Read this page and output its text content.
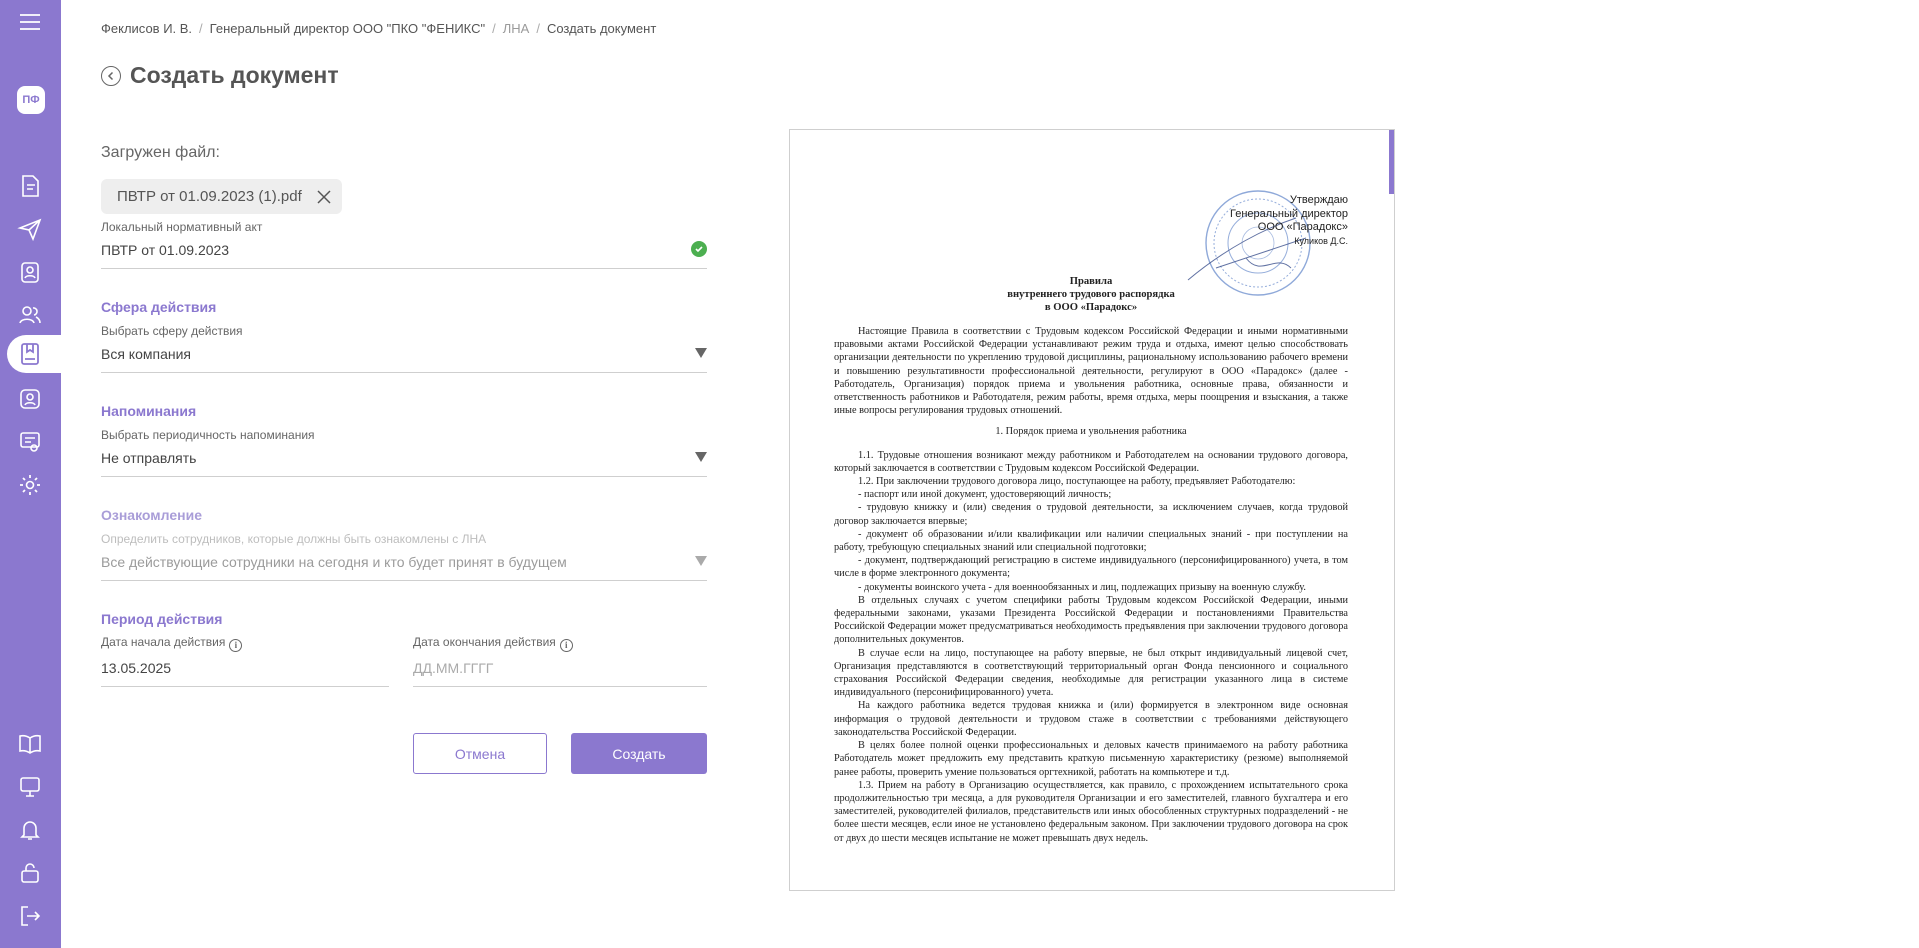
ПФ
Феклисов И. В. / Генеральный директор ООО "ПКО "ФЕНИКС" / ЛНА / Создать документ
Создать документ
Загружен файл:
ПВТР от 01.09.2023 (1).pdf
Локальный нормативный акт
ПВТР от 01.09.2023
Сфера действия
Выбрать сферу действия
Вся компания
Напоминания
Выбрать периодичность напоминания
Не отправлять
Ознакомление
Определить сотрудников, которые должны быть ознакомлены с ЛНА
Все действующие сотрудники на сегодня и кто будет принят в будущем
Период действия
Дата начала действия i
13.05.2025
Дата окончания действия i
ДД.ММ.ГГГГ
Отмена	Создать
Утверждаю
Генеральный директор
ООО «Парадокс»
Куликов Д.С.
Правила
внутреннего трудового распорядка
в ООО «Парадокс»

Настоящие Правила в соответствии с Трудовым кодексом Российской Федерации и иными нормативными правовыми актами Российской Федерации устанавливают режим труда и отдыха, имеют целью способствовать организации деятельности по укреплению трудовой дисциплины, рациональному использованию рабочего времени и повышению результативности профессиональной деятельности, регулируют в ООО «Парадокс» (далее - Работодатель, Организация) порядок приема и увольнения работника, основные права, обязанности и ответственность работников и Работодателя, режим работы, время отдыха, меры поощрения и взыскания, а также иные вопросы регулирования трудовых отношений.

1. Порядок приема и увольнения работника

1.1. Трудовые отношения возникают между работником и Работодателем на основании трудового договора, который заключается в соответствии с Трудовым кодексом Российской Федерации.

1.2. При заключении трудового договора лицо, поступающее на работу, предъявляет Работодателю:

- паспорт или иной документ, удостоверяющий личность;

- трудовую книжку и (или) сведения о трудовой деятельности, за исключением случаев, когда трудовой договор заключается впервые;

- документ об образовании и/или квалификации или наличии специальных знаний - при поступлении на работу, требующую специальных знаний или специальной подготовки;

- документ, подтверждающий регистрацию в системе индивидуального (персонифицированного) учета, в том числе в форме электронного документа;

- документы воинского учета - для военнообязанных и лиц, подлежащих призыву на военную службу.

В отдельных случаях с учетом специфики работы Трудовым кодексом Российской Федерации, иными федеральными законами, указами Президента Российской Федерации и постановлениями Правительства Российской Федерации может предусматриваться необходимость предъявления при заключении трудового договора дополнительных документов.

В случае если на лицо, поступающее на работу впервые, не был открыт индивидуальный лицевой счет, Организация представляются в соответствующий территориальный орган Фонда пенсионного и социального страхования Российской Федерации сведения, необходимые для регистрации указанного лица в системе индивидуального (персонифицированного) учета.

На каждого работника ведется трудовая книжка и (или) формируется в электронном виде основная информация о трудовой деятельности и трудовом стаже в соответствии с требованиями действующего законодательства Российской Федерации.

В целях более полной оценки профессиональных и деловых качеств принимаемого на работу работника Работодатель может предложить ему представить краткую письменную характеристику (резюме) выполняемой ранее работы, проверить умение пользоваться оргтехникой, работать на компьютере и т.д.

1.3. Прием на работу в Организацию осуществляется, как правило, с прохождением испытательного срока продолжительностью три месяца, а для руководителя Организации и его заместителей, главного бухгалтера и его заместителей, руководителей филиалов, представительств или иных обособленных структурных подразделений - не более шести месяцев, если иное не установлено федеральным законом. При заключении трудового договора на срок от двух до шести месяцев испытание не может превышать двух недель.
